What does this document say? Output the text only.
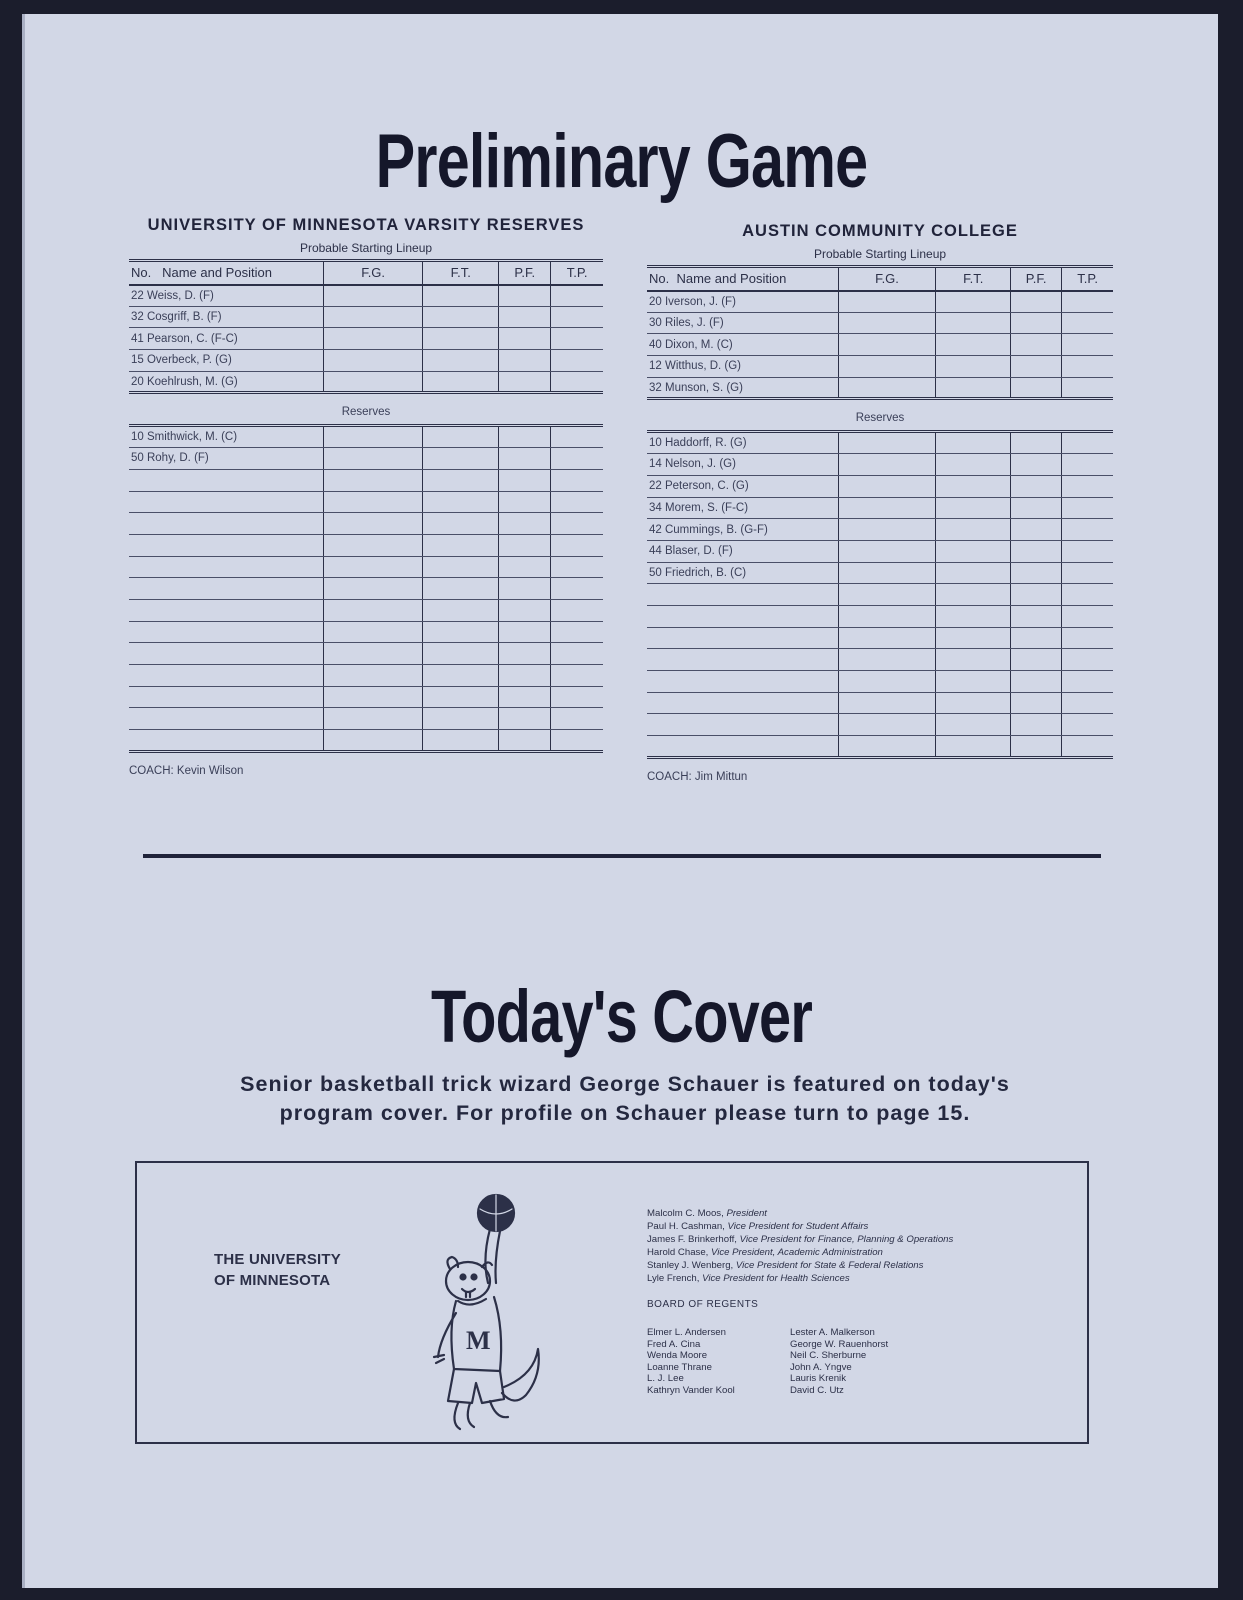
Preliminary Game
UNIVERSITY OF MINNESOTA VARSITY RESERVES
Probable Starting Lineup
No. Name and Position	F.G.	F.T.	P.F.	T.P.
22 Weiss, D. (F)				
32 Cosgriff, B. (F)				
41 Pearson, C. (F-C)				
15 Overbeck, P. (G)				
20 Koehlrush, M. (G)				
Reserves
10 Smithwick, M. (C)				
50 Rohy, D. (F)				

COACH: Kevin Wilson
AUSTIN COMMUNITY COLLEGE
Probable Starting Lineup
No. Name and Position	F.G.	F.T.	P.F.	T.P.
20 Iverson, J. (F)				
30 Riles, J. (F)				
40 Dixon, M. (C)				
12 Witthus, D. (G)				
32 Munson, S. (G)				
Reserves
10 Haddorff, R. (G)				
14 Nelson, J. (G)				
22 Peterson, C. (G)				
34 Morem, S. (F-C)				
42 Cummings, B. (G-F)				
44 Blaser, D. (F)				
50 Friedrich, B. (C)				

COACH: Jim Mittun
Today's Cover
Senior basketball trick wizard George Schauer is featured on today's
program cover. For profile on Schauer please turn to page 15.
THE UNIVERSITY
OF MINNESOTA
M
Malcolm C. Moos, President
Paul H. Cashman, Vice President for Student Affairs
James F. Brinkerhoff, Vice President for Finance, Planning & Operations
Harold Chase, Vice President, Academic Administration
Stanley J. Wenberg, Vice President for State & Federal Relations
Lyle French, Vice President for Health Sciences
BOARD OF REGENTS
Elmer L. Andersen
Fred A. Cina
Wenda Moore
Loanne Thrane
L. J. Lee
Kathryn Vander Kool
Lester A. Malkerson
George W. Rauenhorst
Neil C. Sherburne
John A. Yngve
Lauris Krenik
David C. Utz
